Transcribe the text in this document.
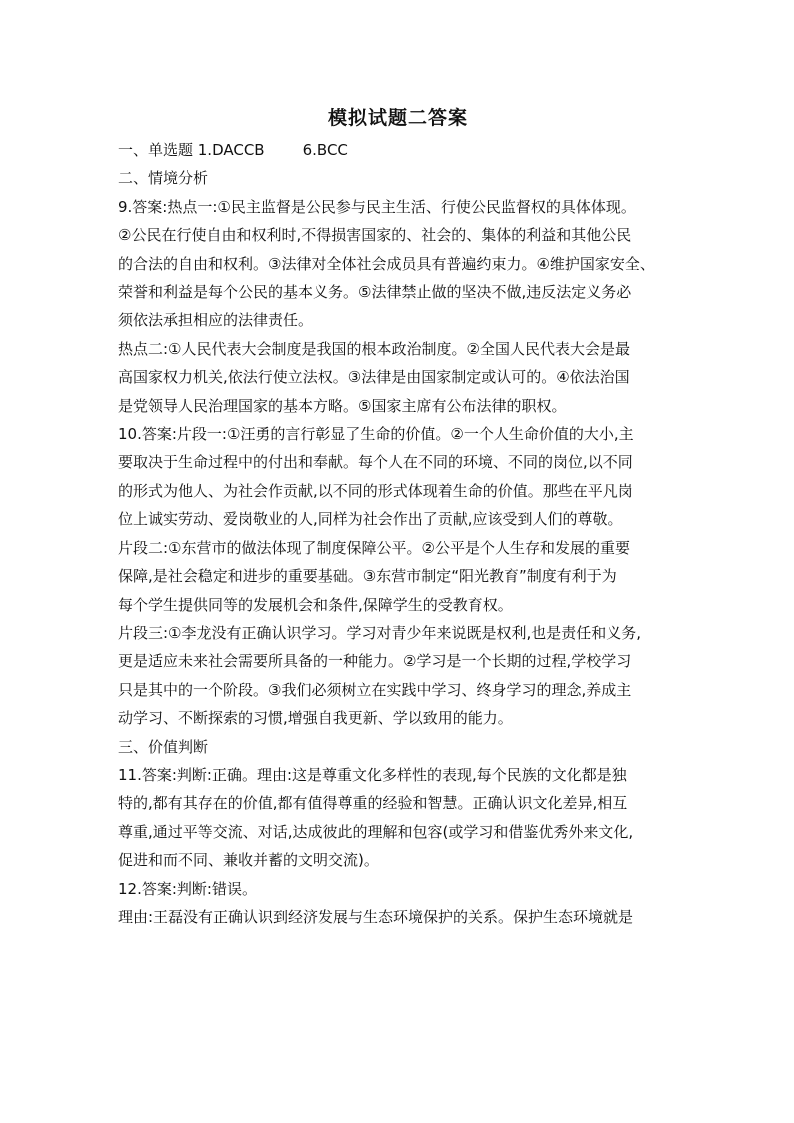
模拟试题二答案
一、单选题 1.DACCB	6.BCC
二、情境分析
9.答案:热点一:①民主监督是公民参与民主生活、行使公民监督权的具体体现。
②公民在行使自由和权利时,不得损害国家的、社会的、集体的利益和其他公民
的合法的自由和权利。③法律对全体社会成员具有普遍约束力。④维护国家安全、
荣誉和利益是每个公民的基本义务。⑤法律禁止做的坚决不做,违反法定义务必
须依法承担相应的法律责任。
热点二:①人民代表大会制度是我国的根本政治制度。②全国人民代表大会是最
高国家权力机关,依法行使立法权。③法律是由国家制定或认可的。④依法治国
是党领导人民治理国家的基本方略。⑤国家主席有公布法律的职权。
10.答案:片段一:①汪勇的言行彰显了生命的价值。②一个人生命价值的大小,主
要取决于生命过程中的付出和奉献。每个人在不同的环境、不同的岗位,以不同
的形式为他人、为社会作贡献,以不同的形式体现着生命的价值。那些在平凡岗
位上诚实劳动、爱岗敬业的人,同样为社会作出了贡献,应该受到人们的尊敬。
片段二:①东营市的做法体现了制度保障公平。②公平是个人生存和发展的重要
保障,是社会稳定和进步的重要基础。③东营市制定“阳光教育”制度有利于为
每个学生提供同等的发展机会和条件,保障学生的受教育权。
片段三:①李龙没有正确认识学习。学习对青少年来说既是权利,也是责任和义务,
更是适应未来社会需要所具备的一种能力。②学习是一个长期的过程,学校学习
只是其中的一个阶段。③我们必须树立在实践中学习、终身学习的理念,养成主
动学习、不断探索的习惯,增强自我更新、学以致用的能力。
三、价值判断
11.答案:判断:正确。理由:这是尊重文化多样性的表现,每个民族的文化都是独
特的,都有其存在的价值,都有值得尊重的经验和智慧。正确认识文化差异,相互
尊重,通过平等交流、对话,达成彼此的理解和包容(或学习和借鉴优秀外来文化,
促进和而不同、兼收并蓄的文明交流)。
12.答案:判断:错误。
理由:王磊没有正确认识到经济发展与生态环境保护的关系。保护生态环境就是
